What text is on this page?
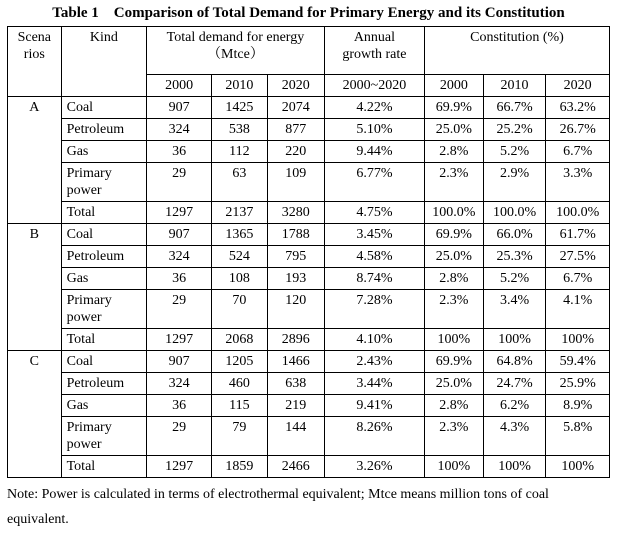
Table 1    Comparison of Total Demand for Primary Energy and its Constitution
Scena rios	Kind	Total demand for energy （Mtce）			Annual growth rate	Constitution (%)		
		2000	2010	2020	2000~2020	2000	2010	2020
A	Coal	907	1425	2074	4.22%	69.9%	66.7%	63.2%
	Petroleum	324	538	877	5.10%	25.0%	25.2%	26.7%
	Gas	36	112	220	9.44%	2.8%	5.2%	6.7%
	Primary power	29	63	109	6.77%	2.3%	2.9%	3.3%
	Total	1297	2137	3280	4.75%	100.0%	100.0%	100.0%
B	Coal	907	1365	1788	3.45%	69.9%	66.0%	61.7%
	Petroleum	324	524	795	4.58%	25.0%	25.3%	27.5%
	Gas	36	108	193	8.74%	2.8%	5.2%	6.7%
	Primary power	29	70	120	7.28%	2.3%	3.4%	4.1%
	Total	1297	2068	2896	4.10%	100%	100%	100%
C	Coal	907	1205	1466	2.43%	69.9%	64.8%	59.4%
	Petroleum	324	460	638	3.44%	25.0%	24.7%	25.9%
	Gas	36	115	219	9.41%	2.8%	6.2%	8.9%
	Primary power	29	79	144	8.26%	2.3%	4.3%	5.8%
	Total	1297	1859	2466	3.26%	100%	100%	100%
Note: Power is calculated in terms of electrothermal equivalent; Mtce means million tons of coal equivalent.
